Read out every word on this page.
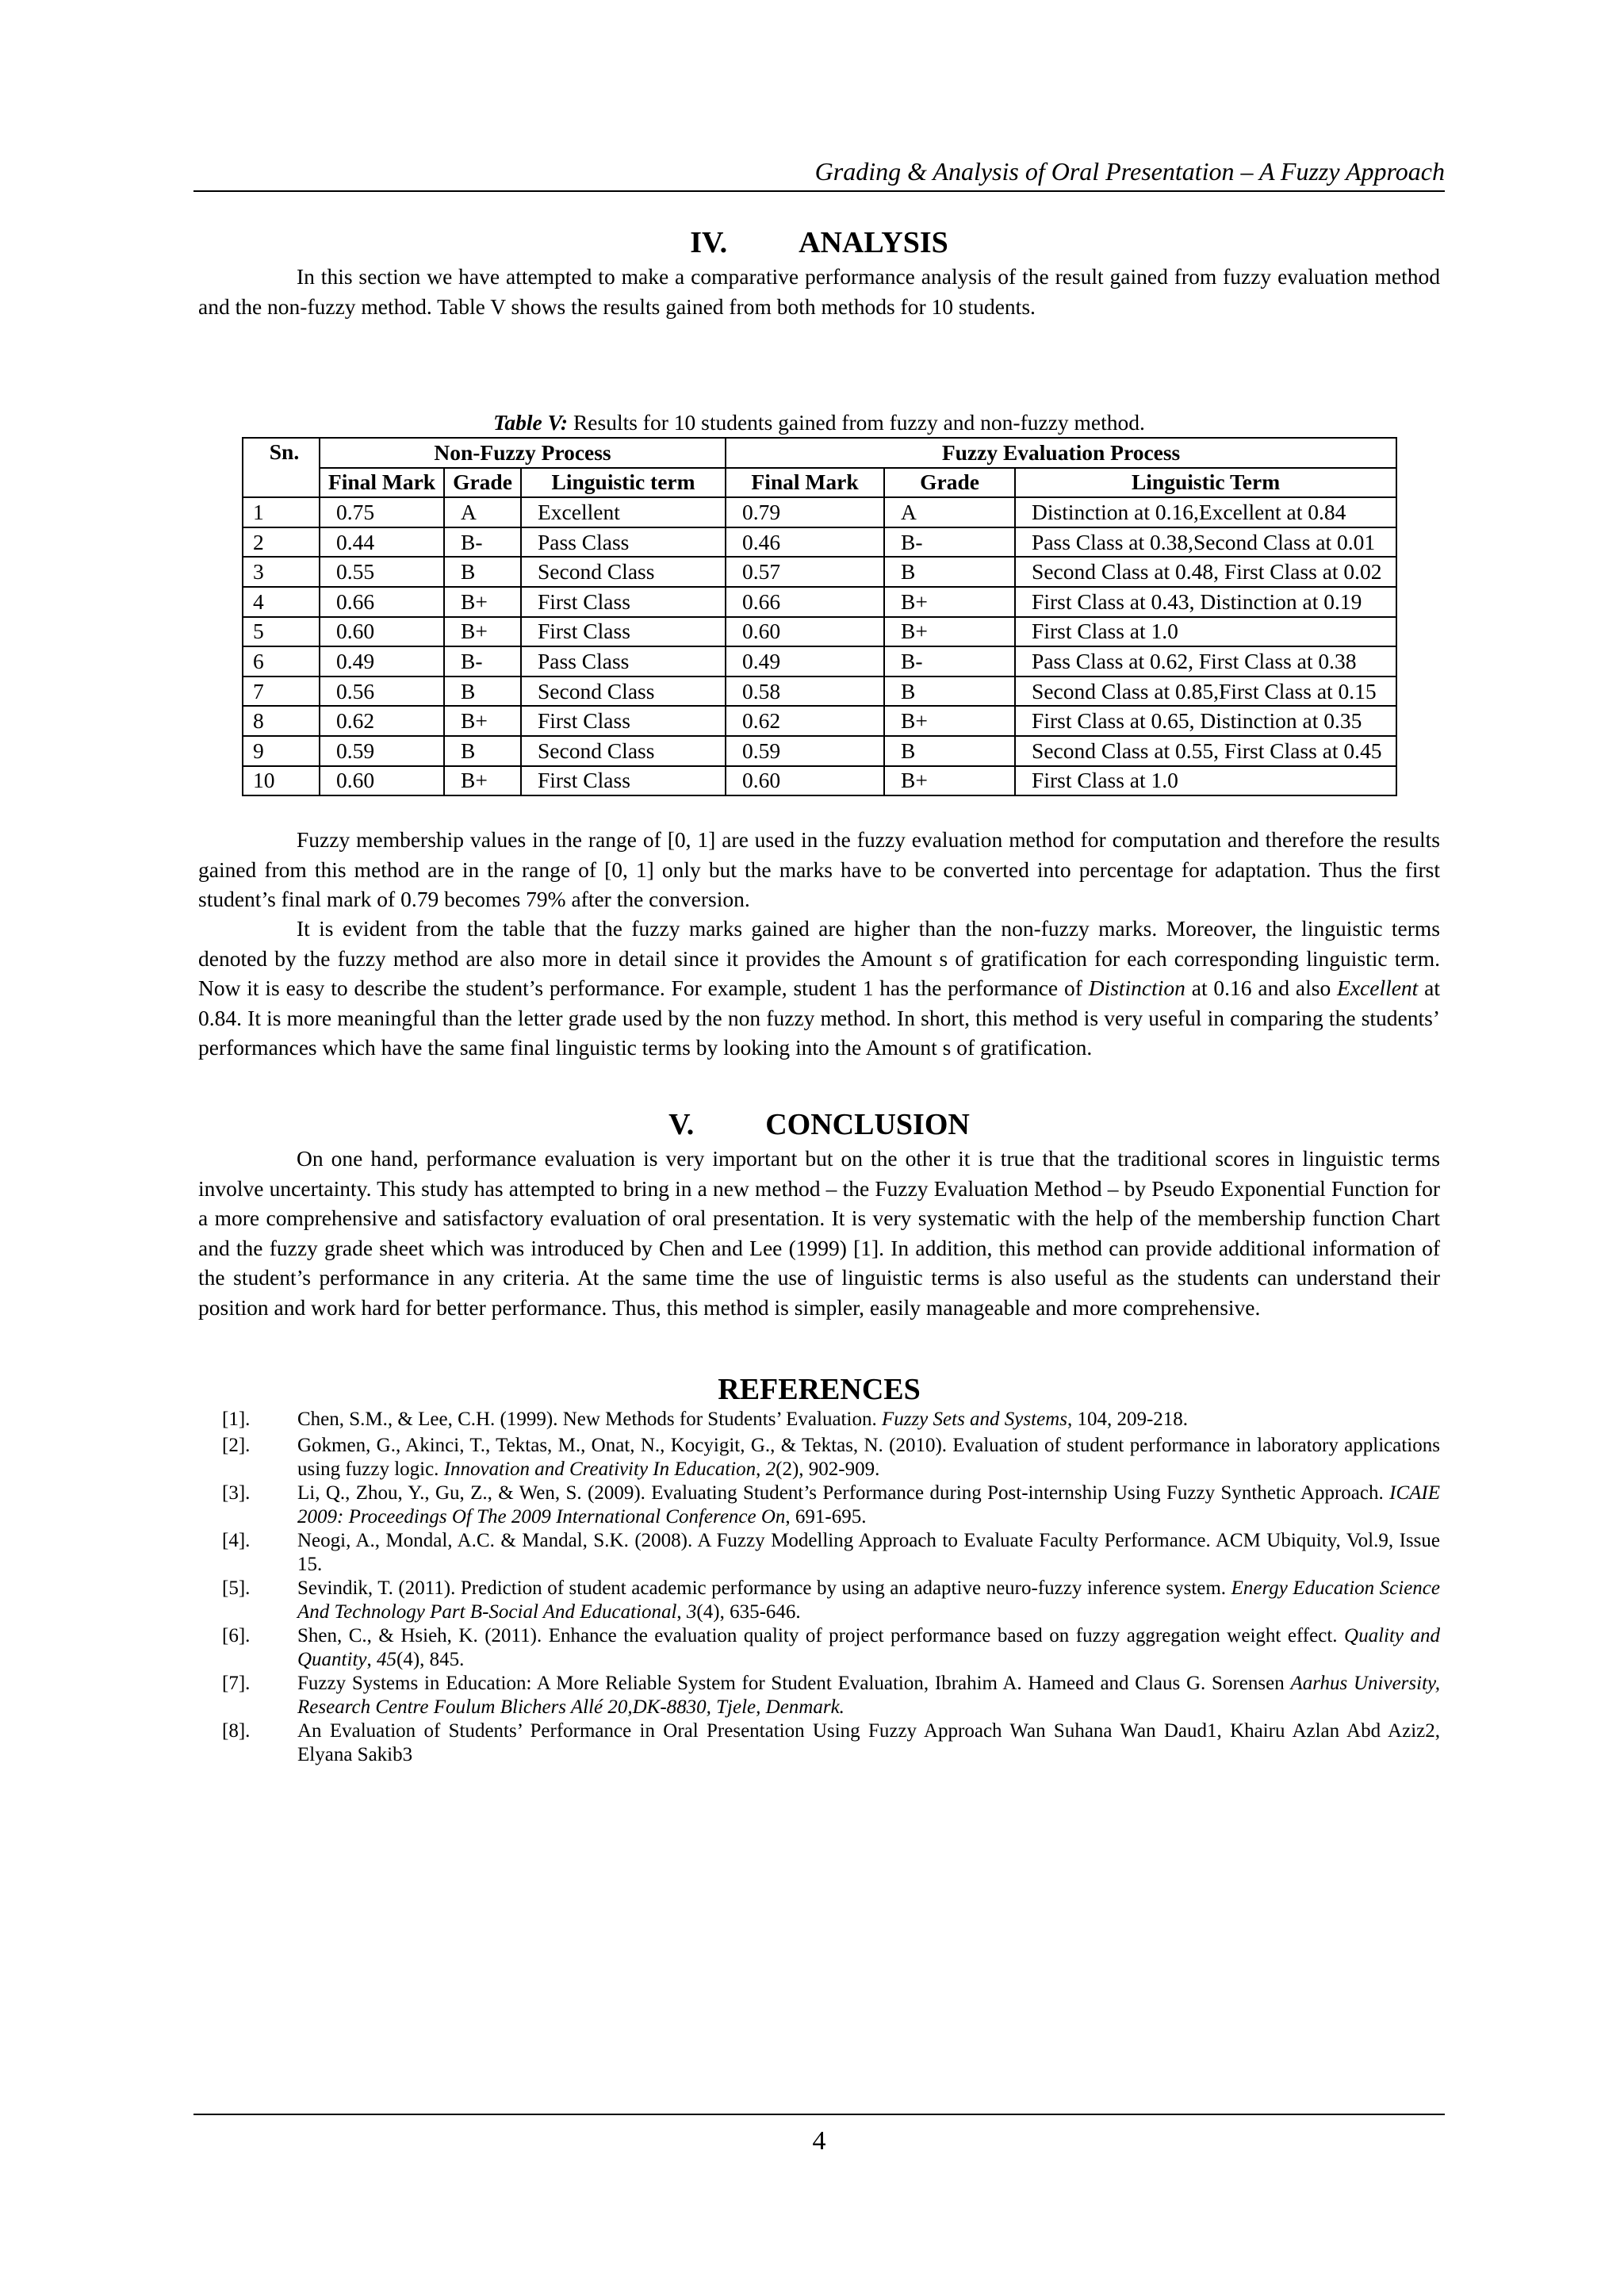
Grading & Analysis of Oral Presentation – A Fuzzy Approach
IV. ANALYSIS

In this section we have attempted to make a comparative performance analysis of the result gained from fuzzy evaluation method and the non-fuzzy method. Table V shows the results gained from both methods for 10 students.

Table V: Results for 10 students gained from fuzzy and non-fuzzy method.
Sn.	Non-Fuzzy Process			Fuzzy Evaluation Process		
	Final Mark	Grade	Linguistic term	Final Mark	Grade	Linguistic Term
1	0.75	A	Excellent	0.79	A	Distinction at 0.16,Excellent at 0.84
2	0.44	B-	Pass Class	0.46	B-	Pass Class at 0.38,Second Class at 0.01
3	0.55	B	Second Class	0.57	B	Second Class at 0.48, First Class at 0.02
4	0.66	B+	First Class	0.66	B+	First Class at 0.43, Distinction at 0.19
5	0.60	B+	First Class	0.60	B+	First Class at 1.0
6	0.49	B-	Pass Class	0.49	B-	Pass Class at 0.62, First Class at 0.38
7	0.56	B	Second Class	0.58	B	Second Class at 0.85,First Class at 0.15
8	0.62	B+	First Class	0.62	B+	First Class at 0.65, Distinction at 0.35
9	0.59	B	Second Class	0.59	B	Second Class at 0.55, First Class at 0.45
10	0.60	B+	First Class	0.60	B+	First Class at 1.0

Fuzzy membership values in the range of [0, 1] are used in the fuzzy evaluation method for computation and therefore the results gained from this method are in the range of [0, 1] only but the marks have to be converted into percentage for adaptation. Thus the first student’s final mark of 0.79 becomes 79% after the conversion.

It is evident from the table that the fuzzy marks gained are higher than the non-fuzzy marks. Moreover, the linguistic terms denoted by the fuzzy method are also more in detail since it provides the Amount s of gratification for each corresponding linguistic term. Now it is easy to describe the student’s performance. For example, student 1 has the performance of Distinction at 0.16 and also Excellent at 0.84. It is more meaningful than the letter grade used by the non fuzzy method. In short, this method is very useful in comparing the students’ performances which have the same final linguistic terms by looking into the Amount s of gratification.

V. CONCLUSION

On one hand, performance evaluation is very important but on the other it is true that the traditional scores in linguistic terms involve uncertainty. This study has attempted to bring in a new method – the Fuzzy Evaluation Method – by Pseudo Exponential Function for a more comprehensive and satisfactory evaluation of oral presentation. It is very systematic with the help of the membership function Chart and the fuzzy grade sheet which was introduced by Chen and Lee (1999) [1]. In addition, this method can provide additional information of the student’s performance in any criteria. At the same time the use of linguistic terms is also useful as the students can understand their position and work hard for better performance. Thus, this method is simpler, easily manageable and more comprehensive.

REFERENCES
[1]. Chen, S.M., & Lee, C.H. (1999). New Methods for Students’ Evaluation. Fuzzy Sets and Systems, 104, 209-218.
[2]. Gokmen, G., Akinci, T., Tektas, M., Onat, N., Kocyigit, G., & Tektas, N. (2010). Evaluation of student performance in laboratory applications using fuzzy logic. Innovation and Creativity In Education, 2(2), 902-909.
[3]. Li, Q., Zhou, Y., Gu, Z., & Wen, S. (2009). Evaluating Student’s Performance during Post-internship Using Fuzzy Synthetic Approach. ICAIE 2009: Proceedings Of The 2009 International Conference On, 691-695.
[4]. Neogi, A., Mondal, A.C. & Mandal, S.K. (2008). A Fuzzy Modelling Approach to Evaluate Faculty Performance. ACM Ubiquity, Vol.9, Issue 15.
[5]. Sevindik, T. (2011). Prediction of student academic performance by using an adaptive neuro-fuzzy inference system. Energy Education Science And Technology Part B-Social And Educational, 3(4), 635-646.
[6]. Shen, C., & Hsieh, K. (2011). Enhance the evaluation quality of project performance based on fuzzy aggregation weight effect. Quality and Quantity, 45(4), 845.
[7]. Fuzzy Systems in Education: A More Reliable System for Student Evaluation, Ibrahim A. Hameed and Claus G. Sorensen Aarhus University, Research Centre Foulum Blichers Allé 20,DK-8830, Tjele, Denmark.
[8]. An Evaluation of Students’ Performance in Oral Presentation Using Fuzzy Approach Wan Suhana Wan Daud1, Khairu Azlan Abd Aziz2, Elyana Sakib3
4
